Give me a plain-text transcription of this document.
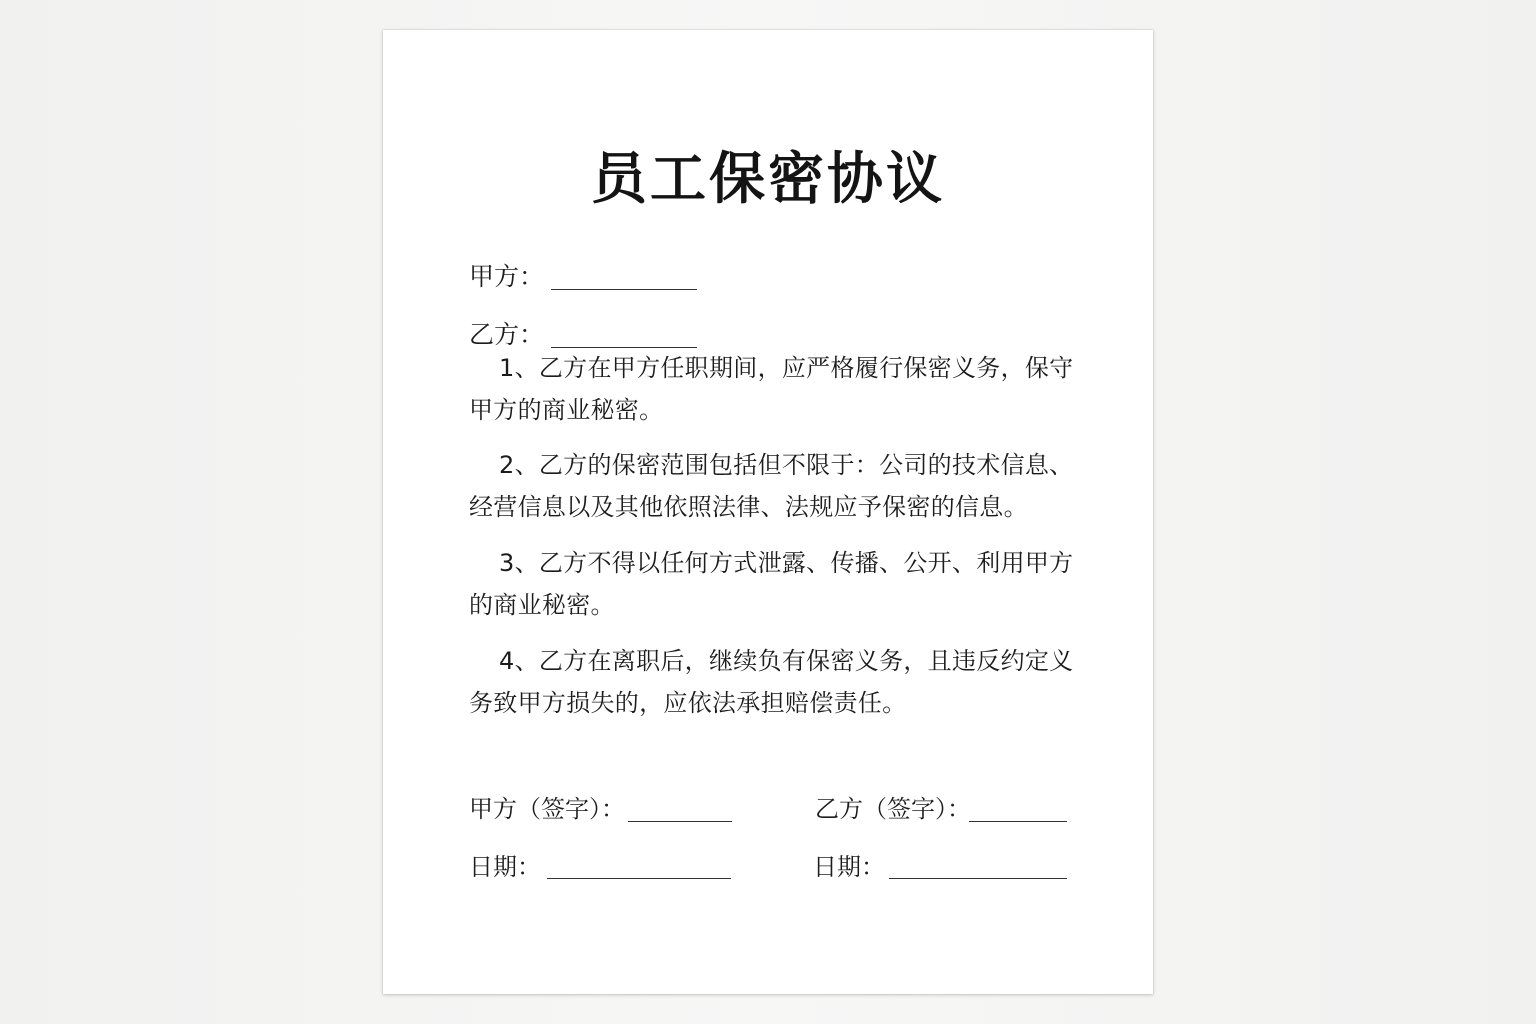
员工保密协议
甲方：
乙方：
1、乙方在甲方任职期间，应严格履行保密义务，保守甲方的商业秘密。
2、乙方的保密范围包括但不限于：公司的技术信息、经营信息以及其他依照法律、法规应予保密的信息。
3、乙方不得以任何方式泄露、传播、公开、利用甲方的商业秘密。
4、乙方在离职后，继续负有保密义务，且违反约定义务致甲方损失的，应依法承担赔偿责任。
甲方（签字）：	乙方（签字）：
日期：	日期：
